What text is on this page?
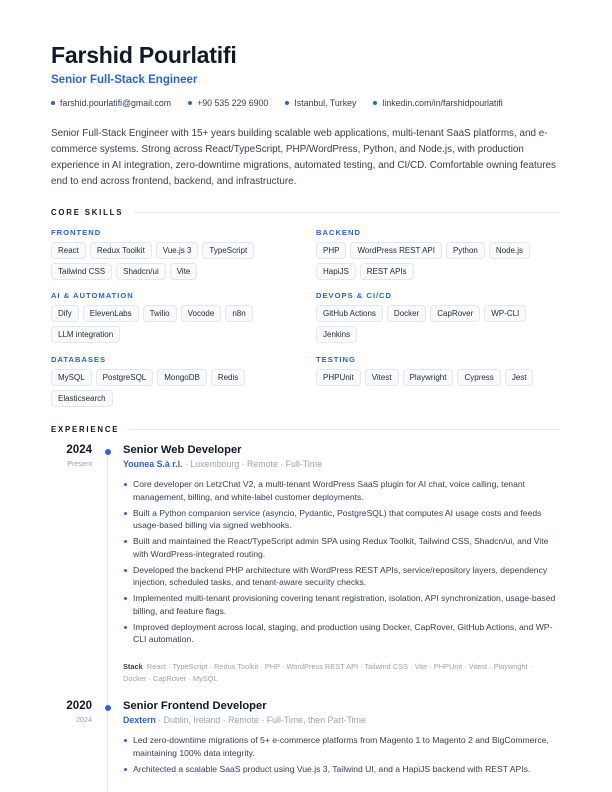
Farshid Pourlatifi
Senior Full-Stack Engineer
farshid.pourlatifi@gmail.com	+90 535 229 6900	Istanbul, Turkey	linkedin.com/in/farshidpourlatifi

Senior Full-Stack Engineer with 15+ years building scalable web applications, multi-tenant SaaS platforms, and e-commerce systems. Strong across React/TypeScript, PHP/WordPress, Python, and Node.js, with production experience in AI integration, zero-downtime migrations, automated testing, and CI/CD. Comfortable owning features end to end across frontend, backend, and infrastructure.

CORE SKILLS
FRONTEND
React	Redux Toolkit	Vue.js 3	TypeScript
Tailwind CSS	Shadcn/ui	Vite
BACKEND
PHP	WordPress REST API	Python	Node.js
HapiJS	REST APIs
AI & AUTOMATION
Dify	ElevenLabs	Twilio	Vocode	n8n
LLM integration
DEVOPS & CI/CD
GitHub Actions	Docker	CapRover	WP-CLI
Jenkins
DATABASES
MySQL	PostgreSQL	MongoDB	Redis
Elasticsearch
TESTING
PHPUnit	Vitest	Playwright	Cypress	Jest
EXPERIENCE
2024
Present
Senior Web Developer
Younea S.à r.l. · Luxembourg · Remote · Full-Time
Core developer on LetzChat V2, a multi-tenant WordPress SaaS plugin for AI chat, voice calling, tenant management, billing, and white-label customer deployments.
Built a Python companion service (asyncio, Pydantic, PostgreSQL) that computes AI usage costs and feeds usage-based billing via signed webhooks.
Built and maintained the React/TypeScript admin SPA using Redux Toolkit, Tailwind CSS, Shadcn/ui, and Vite with WordPress-integrated routing.
Developed the backend PHP architecture with WordPress REST APIs, service/repository layers, dependency injection, scheduled tasks, and tenant-aware security checks.
Implemented multi-tenant provisioning covering tenant registration, isolation, API synchronization, usage-based billing, and feature flags.
Improved deployment across local, staging, and production using Docker, CapRover, GitHub Actions, and WP-CLI automation.
Stack React · TypeScript · Redux Toolkit · PHP · WordPress REST API · Tailwind CSS · Vite · PHPUnit · Vitest · Playwright · Docker · CapRover · MySQL
2020
2024
Senior Frontend Developer
Dextern · Dublin, Ireland · Remote · Full-Time, then Part-Time
Led zero-downtime migrations of 5+ e-commerce platforms from Magento 1 to Magento 2 and BigCommerce, maintaining 100% data integrity.
Architected a scalable SaaS product using Vue.js 3, Tailwind UI, and a HapiJS backend with REST APIs.
